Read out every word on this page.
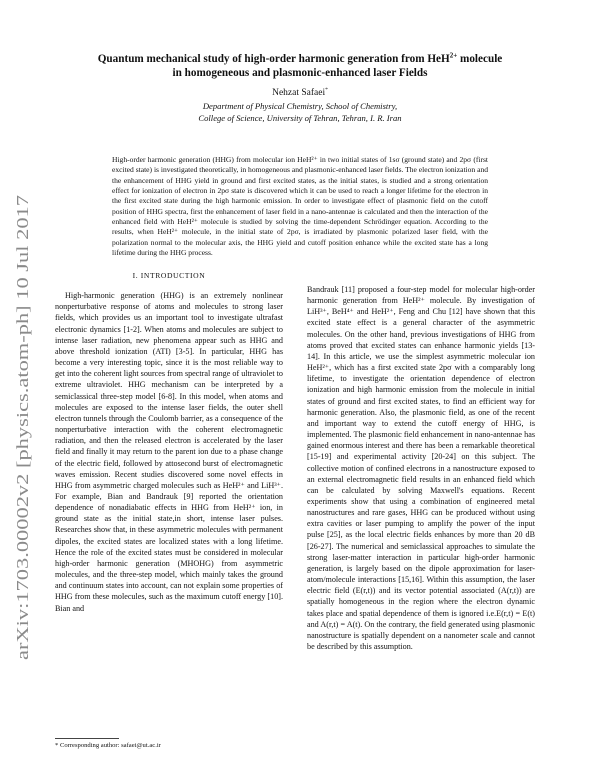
arXiv:1703.00002v2 [physics.atom-ph] 10 Jul 2017
Quantum mechanical study of high-order harmonic generation from HeH$^{2+}$ molecule
in homogeneous and plasmonic-enhanced laser Fields
Nehzat Safaei*
Department of Physical Chemistry, School of Chemistry,
College of Science, University of Tehran, Tehran, I. R. Iran
High-order harmonic generation (HHG) from molecular ion HeH²⁺ in two initial states of 1sσ (ground state) and 2pσ (first excited state) is investigated theoretically, in homogeneous and plasmonic-enhanced laser fields. The electron ionization and the enhancement of HHG yield in ground and first excited states, as the initial states, is studied and a strong orientation effect for ionization of electron in 2pσ state is discovered which it can be used to reach a longer lifetime for the electron in the first excited state during the high harmonic emission. In order to investigate effect of plasmonic field on the cutoff position of HHG spectra, first the enhancement of laser field in a nano-antennae is calculated and then the interaction of the enhanced field with HeH²⁺ molecule is studied by solving the time-dependent Schrödinger equation. According to the results, when HeH²⁺ molecule, in the initial state of 2pσ, is irradiated by plasmonic polarized laser field, with the polarization normal to the molecular axis, the HHG yield and cutoff position enhance while the excited state has a long lifetime during the HHG process.
I. INTRODUCTION

High-harmonic generation (HHG) is an extremely nonlinear nonperturbative response of atoms and molecules to strong laser fields, which provides us an important tool to investigate ultrafast electronic dynamics [1-2]. When atoms and molecules are subject to intense laser radiation, new phenomena appear such as HHG and above threshold ionization (ATI) [3-5]. In particular, HHG has become a very interesting topic, since it is the most reliable way to get into the coherent light sources from spectral range of ultraviolet to extreme ultraviolet. HHG mechanism can be interpreted by a semiclassical three-step model [6-8]. In this model, when atoms and molecules are exposed to the intense laser fields, the outer shell electron tunnels through the Coulomb barrier, as a consequence of the nonperturbative interaction with the coherent electromagnetic radiation, and then the released electron is accelerated by the laser field and finally it may return to the parent ion due to a phase change of the electric field, followed by attosecond burst of electromagnetic waves emission. Recent studies discovered some novel effects in HHG from asymmetric charged molecules such as HeH²⁺ and LiH³⁺. For example, Bian and Bandrauk [9] reported the orientation dependence of nonadiabatic effects in HHG from HeH²⁺ ion, in ground state as the initial state,in short, intense laser pulses. Researches show that, in these asymmetric molecules with permanent dipoles, the excited states are localized states with a long lifetime. Hence the role of the excited states must be considered in molecular high-order harmonic generation (MHOHG) from asymmetric molecules, and the three-step model, which mainly takes the ground and continuum states into account, can not explain some properties of HHG from these molecules, such as the maximum cutoff energy [10]. Bian and

Bandrauk [11] proposed a four-step model for molecular high-order harmonic generation from HeH²⁺ molecule. By investigation of LiH³⁺, BeH⁴⁺ and HeH²⁺, Feng and Chu [12] have shown that this excited state effect is a general character of the asymmetric molecules. On the other hand, previous investigations of HHG from atoms proved that excited states can enhance harmonic yields [13-14]. In this article, we use the simplest asymmetric molecular ion HeH²⁺, which has a first excited state 2pσ with a comparably long lifetime, to investigate the orientation dependence of electron ionization and high harmonic emission from the molecule in initial states of ground and first excited states, to find an efficient way for harmonic generation. Also, the plasmonic field, as one of the recent and important way to extend the cutoff energy of HHG, is implemented. The plasmonic field enhancement in nano-antennae has gained enormous interest and there has been a remarkable theoretical [15-19] and experimental activity [20-24] on this subject. The collective motion of confined electrons in a nanostructure exposed to an external electromagnetic field results in an enhanced field which can be calculated by solving Maxwell's equations. Recent experiments show that using a combination of engineered metal nanostructures and rare gases, HHG can be produced without using extra cavities or laser pumping to amplify the power of the input pulse [25], as the local electric fields enhances by more than 20 dB [26-27]. The numerical and semiclassical approaches to simulate the strong laser-matter interaction in particular high-order harmonic generation, is largely based on the dipole approximation for laser-atom/molecule interactions [15,16]. Within this assumption, the laser electric field (E(r,t)) and its vector potential associated (A(r,t)) are spatially homogeneous in the region where the electron dynamic takes place and spatial dependence of them is ignored i.e.E(r,t) = E(t) and A(r,t) = A(t). On the contrary, the field generated using plasmonic nanostructure is spatially dependent on a nanometer scale and cannot be described by this assumption.

* Corresponding author: safaei@ut.ac.ir
